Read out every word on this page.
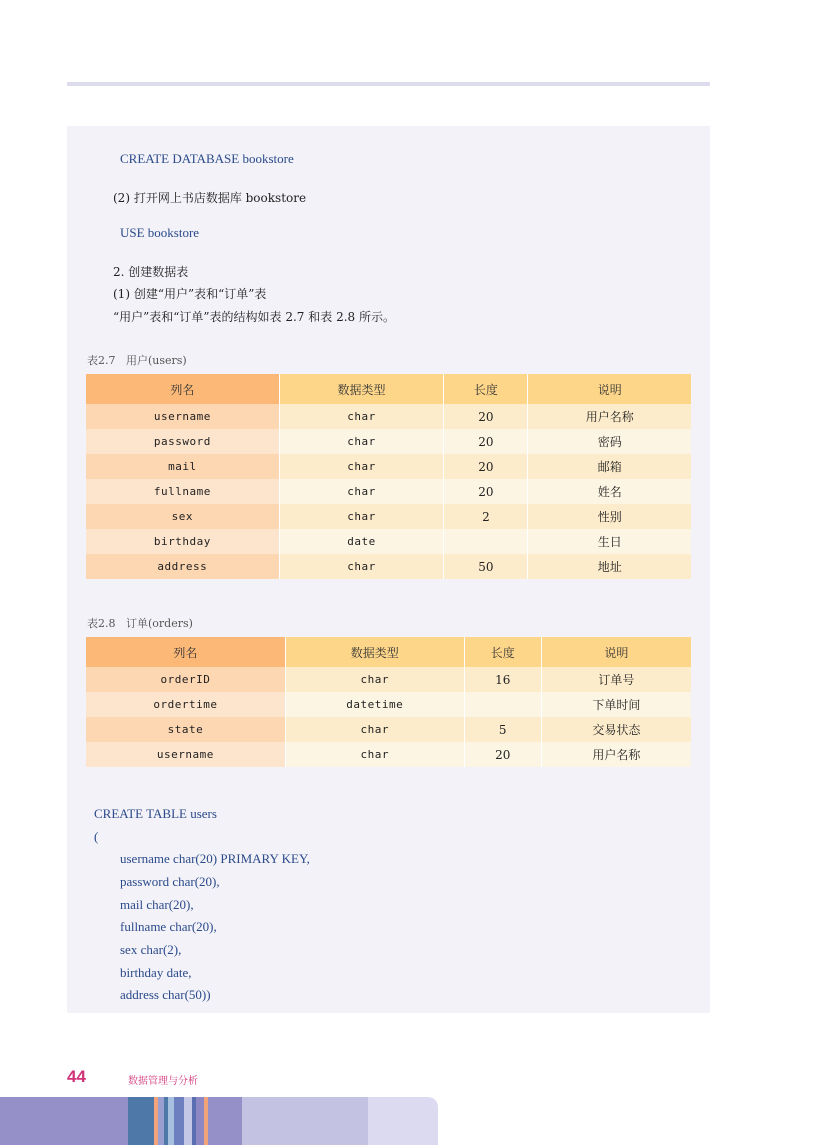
CREATE DATABASE bookstore
(2) 打开网上书店数据库 bookstore
USE bookstore
2. 创建数据表
(1) 创建“用户”表和“订单”表
“用户”表和“订单”表的结构如表 2.7 和表 2.8 所示。
表2.7   用户(users)
列名	数据类型	长度	说明
username	char	20	用户名称
password	char	20	密码
mail	char	20	邮箱
fullname	char	20	姓名
sex	char	2	性别
birthday	date		生日
address	char	50	地址
表2.8   订单(orders)
列名	数据类型	长度	说明
orderID	char	16	订单号
ordertime	datetime		下单时间
state	char	5	交易状态
username	char	20	用户名称
CREATE TABLE users
(
username char(20) PRIMARY KEY,
password char(20),
mail char(20),
fullname char(20),
sex char(2),
birthday date,
address char(50))
44	数据管理与分析
